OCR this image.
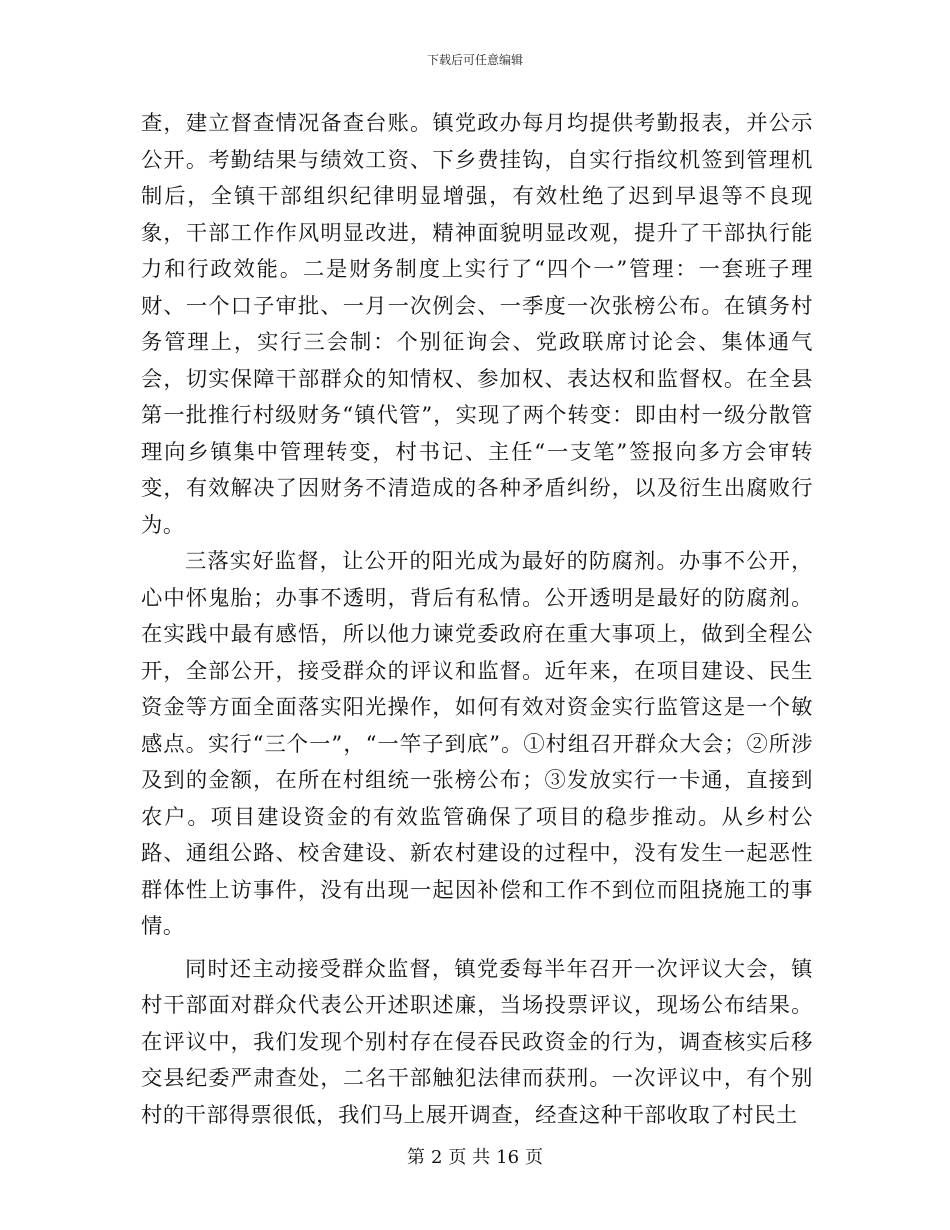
下载后可任意编辑

查，建立督查情况备查台账。镇党政办每月均提供考勤报表，并公示公开。考勤结果与绩效工资、下乡费挂钩，自实行指纹机签到管理机制后，全镇干部组织纪律明显增强，有效杜绝了迟到早退等不良现象，干部工作作风明显改进，精神面貌明显改观，提升了干部执行能力和行政效能。二是财务制度上实行了“四个一”管理：一套班子理财、一个口子审批、一月一次例会、一季度一次张榜公布。在镇务村务管理上，实行三会制：个别征询会、党政联席讨论会、集体通气会，切实保障干部群众的知情权、参加权、表达权和监督权。在全县第一批推行村级财务“镇代管”，实现了两个转变：即由村一级分散管理向乡镇集中管理转变，村书记、主任“一支笔”签报向多方会审转变，有效解决了因财务不清造成的各种矛盾纠纷，以及衍生出腐败行为。

三落实好监督，让公开的阳光成为最好的防腐剂。办事不公开，心中怀鬼胎；办事不透明，背后有私情。公开透明是最好的防腐剂。在实践中最有感悟，所以他力谏党委政府在重大事项上，做到全程公开，全部公开，接受群众的评议和监督。近年来，在项目建设、民生资金等方面全面落实阳光操作，如何有效对资金实行监管这是一个敏感点。实行“三个一”，“一竿子到底”。①村组召开群众大会；②所涉及到的金额，在所在村组统一张榜公布；③发放实行一卡通，直接到农户。项目建设资金的有效监管确保了项目的稳步推动。从乡村公路、通组公路、校舍建设、新农村建设的过程中，没有发生一起恶性群体性上访事件，没有出现一起因补偿和工作不到位而阻挠施工的事情。

同时还主动接受群众监督，镇党委每半年召开一次评议大会，镇村干部面对群众代表公开述职述廉，当场投票评议，现场公布结果。在评议中，我们发现个别村存在侵吞民政资金的行为，调查核实后移交县纪委严肃查处，二名干部触犯法律而获刑。一次评议中，有个别村的干部得票很低，我们马上展开调查，经查这种干部收取了村民土

第 2 页 共 16 页
